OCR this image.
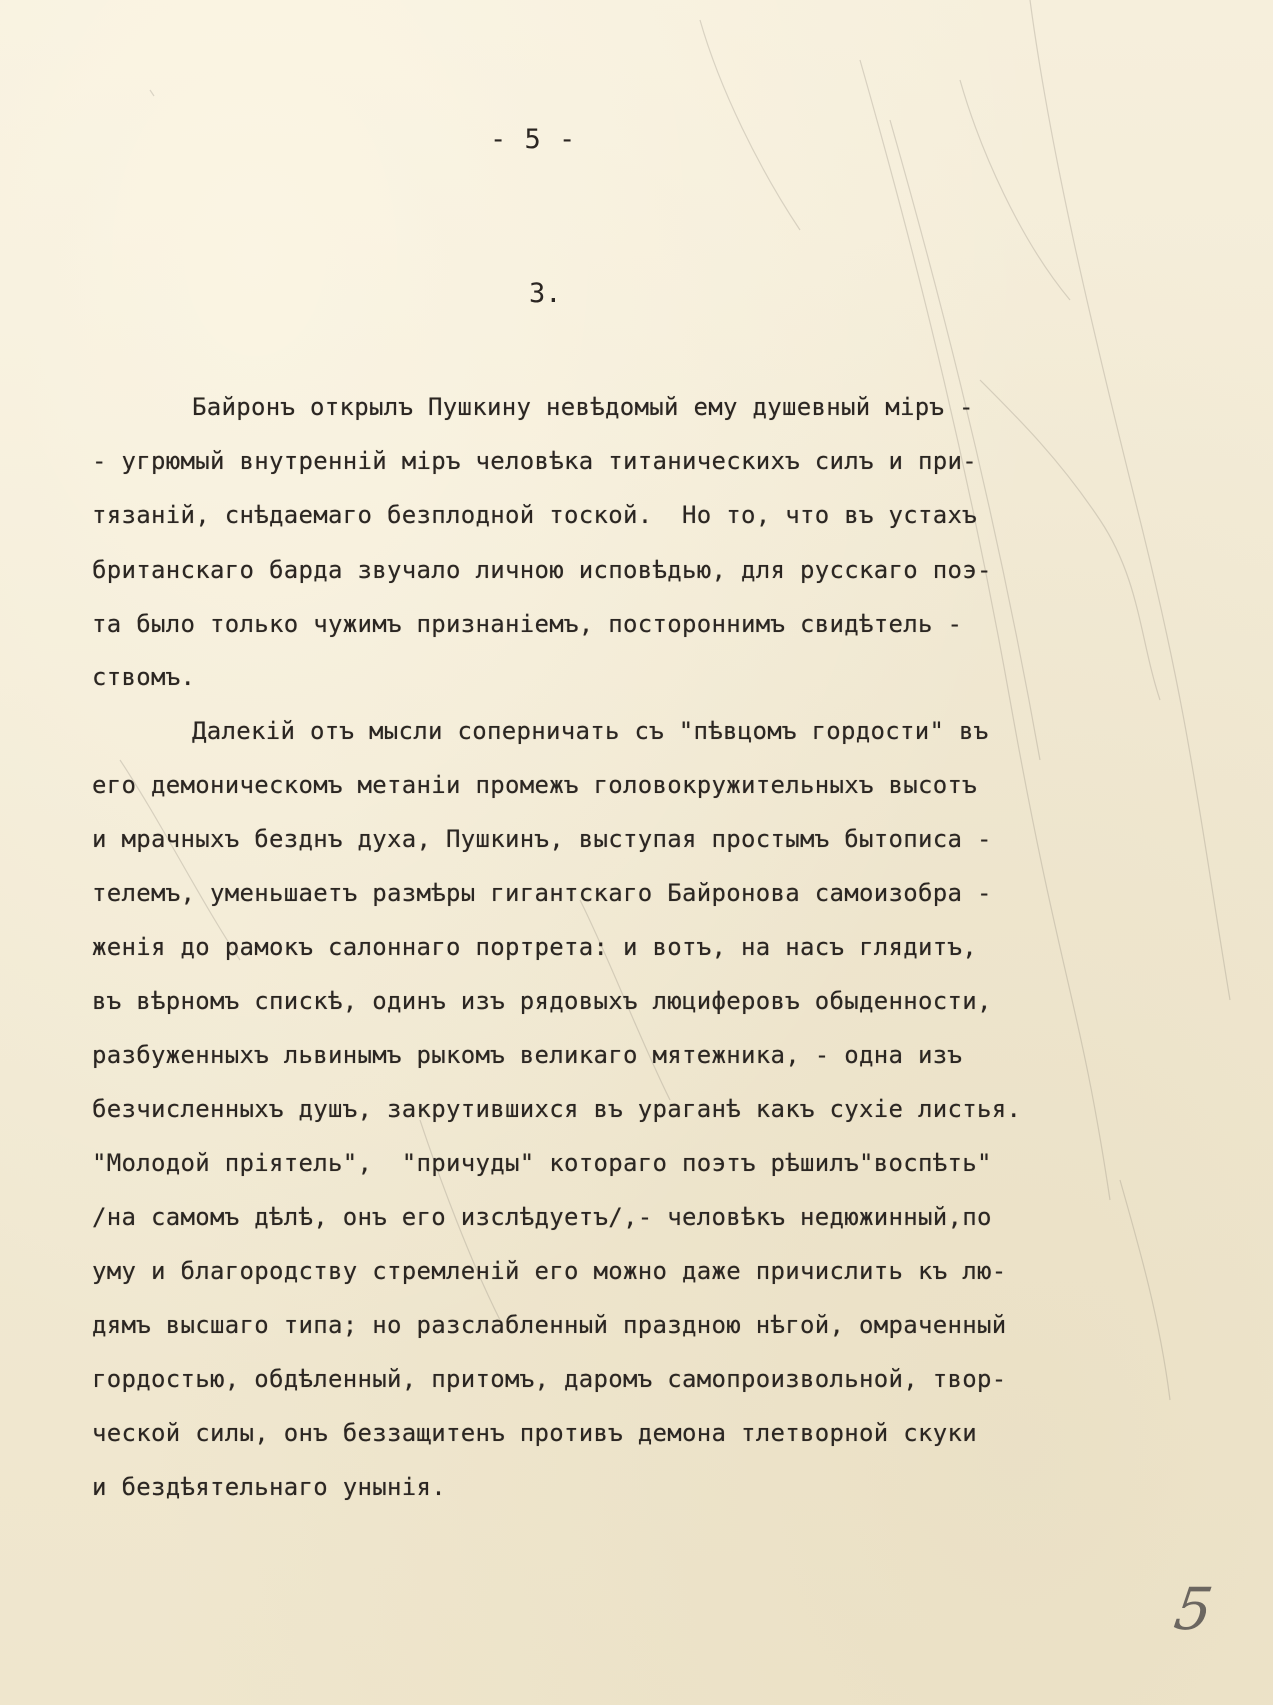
- 5 -
3.
Байронъ открылъ Пушкину невѣдомый ему душевный міръ -
- угрюмый внутренній міръ человѣка титаническихъ силъ и при-
тязаній, снѣдаемаго безплодной тоской.  Но то, что въ устахъ
британскаго барда звучало личною исповѣдью, для русскаго поэ-
та было только чужимъ признаніемъ, постороннимъ свидѣтель -
ствомъ.
Далекій отъ мысли соперничать съ "пѣвцомъ гордости" въ
его демоническомъ метаніи промежъ головокружительныхъ высотъ
и мрачныхъ безднъ духа, Пушкинъ, выступая простымъ бытописа -
телемъ, уменьшаетъ размѣры гигантскаго Байронова самоизобра -
женія до рамокъ салоннаго портрета: и вотъ, на насъ глядитъ,
въ вѣрномъ спискѣ, одинъ изъ рядовыхъ люциферовъ обыденности,
разбуженныхъ львинымъ рыкомъ великаго мятежника, - одна изъ
безчисленныхъ душъ, закрутившихся въ ураганѣ какъ сухіе листья.
"Молодой пріятель",  "причуды" котораго поэтъ рѣшилъ"воспѣть"
/на самомъ дѣлѣ, онъ его изслѣдуетъ/,- человѣкъ недюжинный,по
уму и благородству стремленій его можно даже причислить къ лю-
дямъ высшаго типа; но разслабленный праздною нѣгой, омраченный
гордостью, обдѣленный, притомъ, даромъ самопроизвольной, твор-
ческой силы, онъ беззащитенъ противъ демона тлетворной скуки
и бездѣятельнаго унынія.
5
